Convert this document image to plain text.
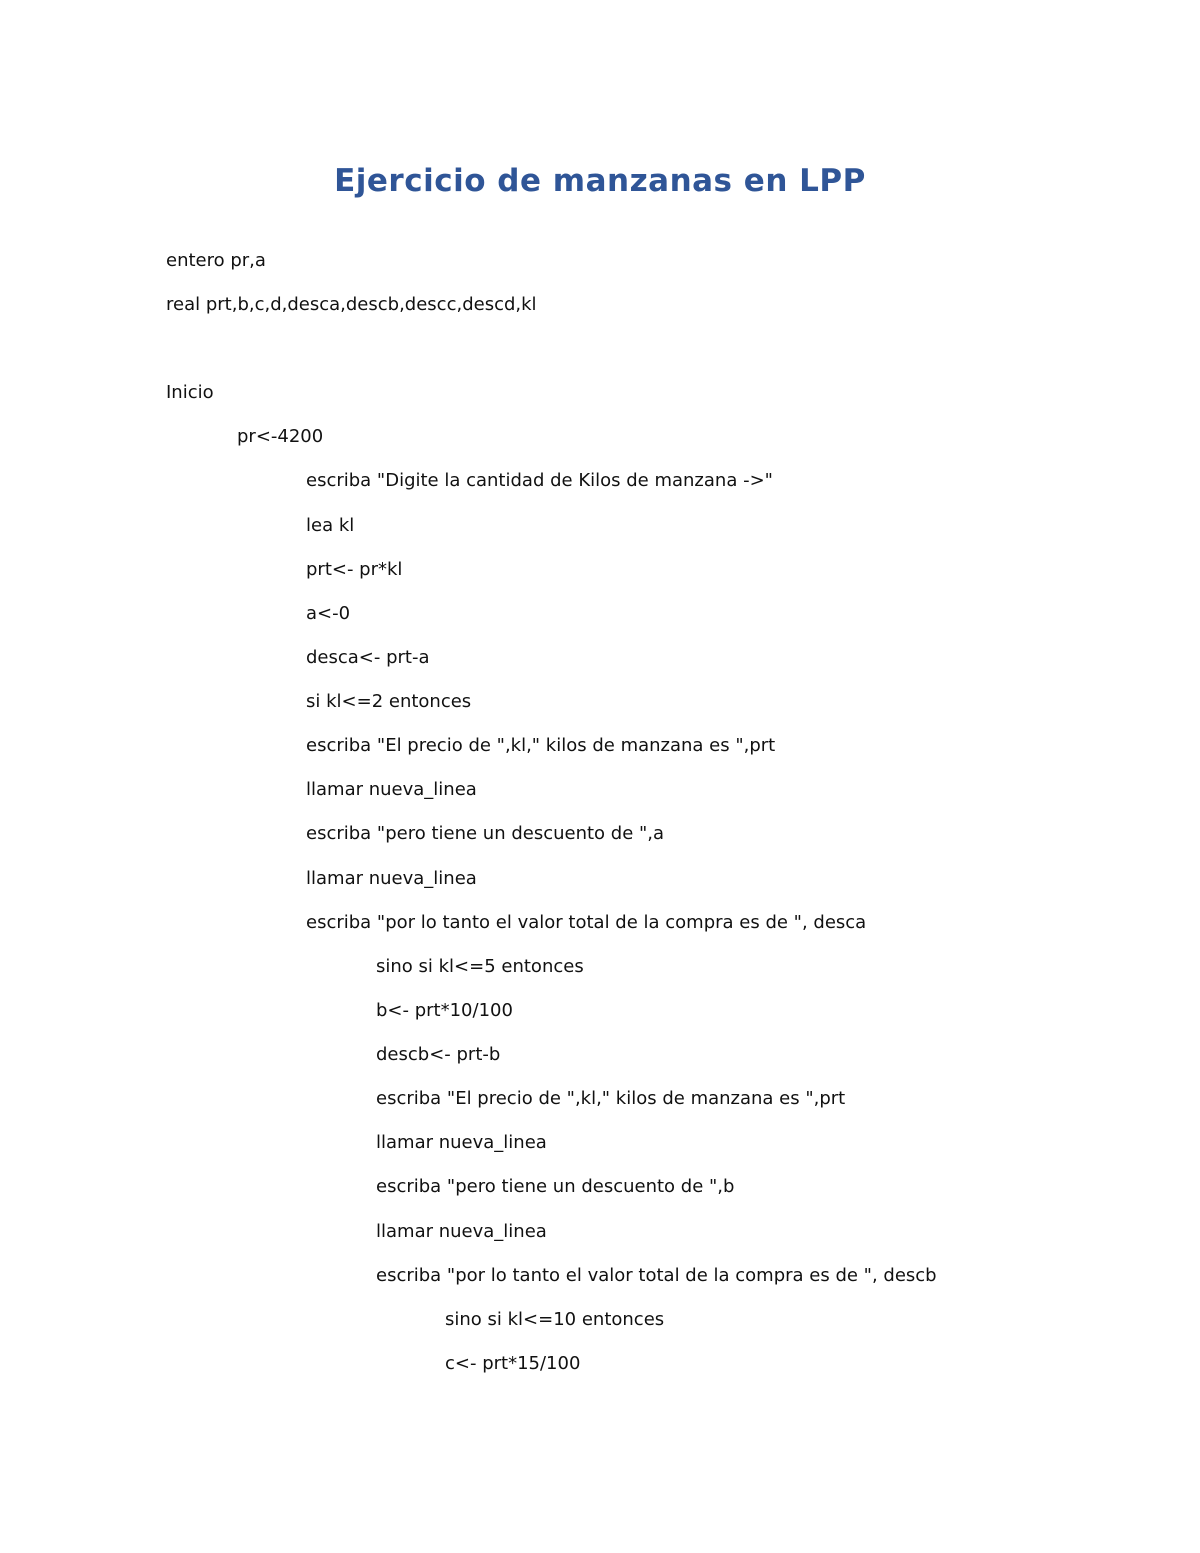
Ejercicio de manzanas en LPP
entero pr,a
real prt,b,c,d,desca,descb,descc,descd,kl
Inicio
pr<-4200
escriba "Digite la cantidad de Kilos de manzana ->"
lea kl
prt<- pr*kl
a<-0
desca<- prt-a
si kl<=2 entonces
escriba "El precio de ",kl," kilos de manzana es ",prt
llamar nueva_linea
escriba "pero tiene un descuento de ",a
llamar nueva_linea
escriba "por lo tanto el valor total de la compra es de ", desca
sino si kl<=5 entonces
b<- prt*10/100
descb<- prt-b
escriba "El precio de ",kl," kilos de manzana es ",prt
llamar nueva_linea
escriba "pero tiene un descuento de ",b
llamar nueva_linea
escriba "por lo tanto el valor total de la compra es de ", descb
sino si kl<=10 entonces
c<- prt*15/100
